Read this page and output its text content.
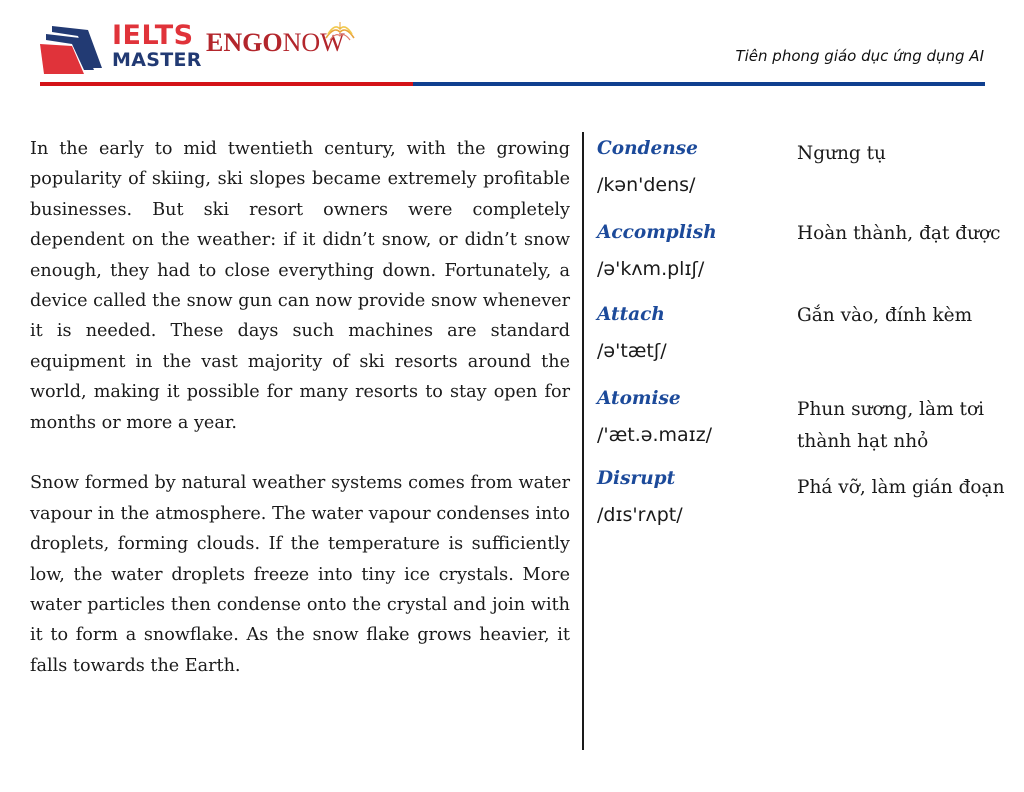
IELTS
MASTER
ENGONOW	Tiên phong giáo dục ứng dụng AI

In the early to mid twentieth century, with the growing popularity of skiing, ski slopes became extremely profitable businesses. But ski resort owners were completely dependent on the weather: if it didn’t snow, or didn’t snow enough, they had to close everything down. Fortunately, a device called the snow gun can now provide snow whenever it is needed. These days such machines are standard equipment in the vast majority of ski resorts around the world, making it possible for many resorts to stay open for months or more a year.

Snow formed by natural weather systems comes from water vapour in the atmosphere. The water vapour condenses into droplets, forming clouds. If the temperature is sufficiently low, the water droplets freeze into tiny ice crystals. More water particles then condense onto the crystal and join with it to form a snowflake. As the snow flake grows heavier, it falls towards the Earth.

Condense
/kən'dens/
Ngưng tụ
Accomplish
/ə'kʌm.plɪʃ/
Hoàn thành, đạt được
Attach
/ə'tætʃ/
Gắn vào, đính kèm
Atomise
/'æt.ə.maɪz/
Phun sương, làm tơi thành hạt nhỏ
Disrupt
/dɪs'rʌpt/
Phá vỡ, làm gián đoạn
